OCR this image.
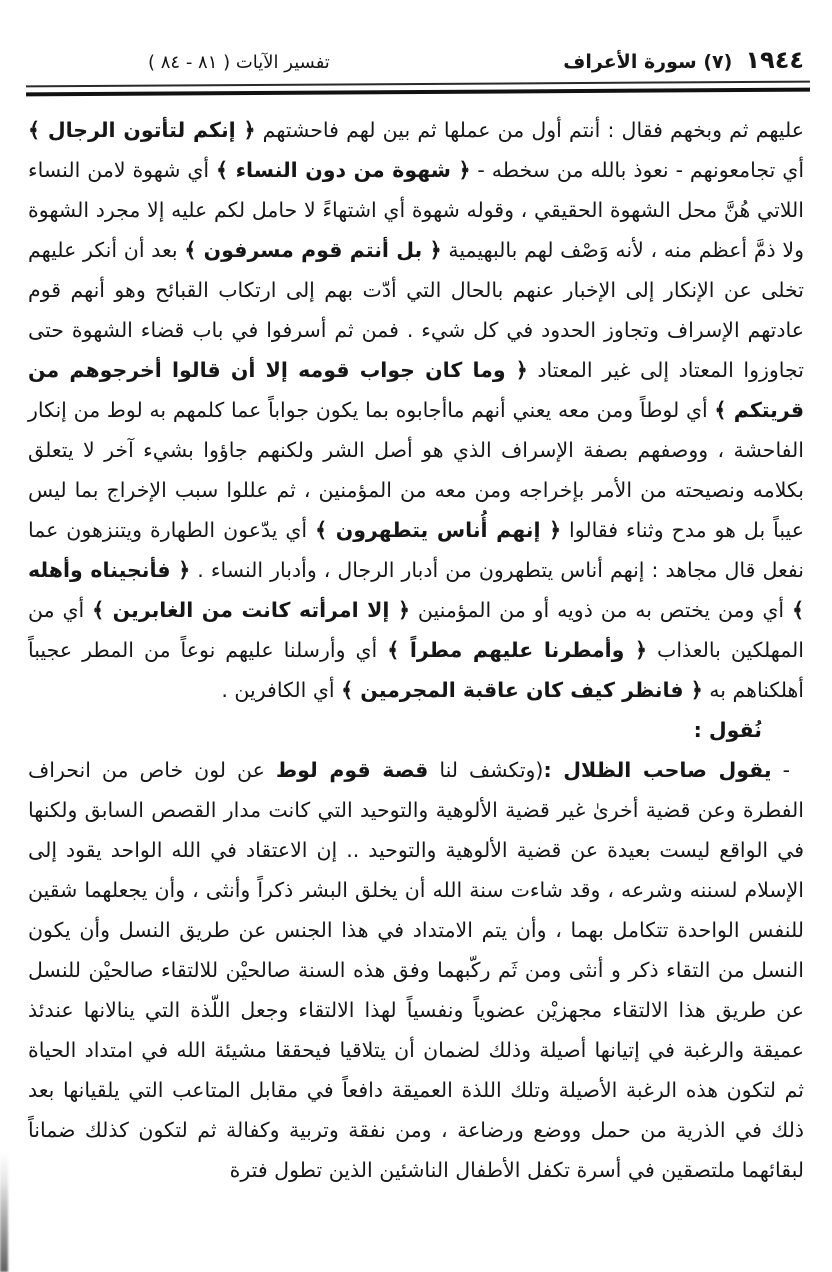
١٩٤٤ (٧) سورة الأعراف
تفسير الآيات ( ٨١ - ٨٤ )

عليهم ثم وبخهم فقال : أنتم أول من عملها ثم بين لهم فاحشتهم ﴿ إنكم لتأتون الرجال ﴾ أي تجامعونهم - نعوذ بالله من سخطه - ﴿ شهوة من دون النساء ﴾ أي شهوة لامن النساء اللاتي هُنَّ محل الشهوة الحقيقي ، وقوله شهوة أي اشتهاءً لا حامل لكم عليه إلا مجرد الشهوة ولا ذمَّ أعظم منه ، لأنه وَصْف لهم بالبهيمية ﴿ بل أنتم قوم مسرفون ﴾ بعد أن أنكر عليهم تخلى عن الإنكار إلى الإخبار عنهم بالحال التي أدّت بهم إلى ارتكاب القبائح وهو أنهم قوم عادتهم الإسراف وتجاوز الحدود في كل شيء . فمن ثم أسرفوا في باب قضاء الشهوة حتى تجاوزوا المعتاد إلى غير المعتاد ﴿ وما كان جواب قومه إلا أن قالوا أخرجوهم من قريتكم ﴾ أي لوطاً ومن معه يعني أنهم ماأجابوه بما يكون جواباً عما كلمهم به لوط من إنكار الفاحشة ، ووصفهم بصفة الإسراف الذي هو أصل الشر ولكنهم جاؤوا بشيء آخر لا يتعلق بكلامه ونصيحته من الأمر بإخراجه ومن معه من المؤمنين ، ثم عللوا سبب الإخراج بما ليس عيباً بل هو مدح وثناء فقالوا ﴿ إنهم أُناس يتطهرون ﴾ أي يدّعون الطهارة ويتنزهون عما نفعل قال مجاهد : إنهم أناس يتطهرون من أدبار الرجال ، وأدبار النساء . ﴿ فأنجيناه وأهله ﴾ أي ومن يختص به من ذويه أو من المؤمنين ﴿ إلا امرأته كانت من الغابرين ﴾ أي من المهلكين بالعذاب ﴿ وأمطرنا عليهم مطراً ﴾ أي وأرسلنا عليهم نوعاً من المطر عجيباً أهلكناهم به ﴿ فانظر كيف كان عاقبة المجرمين ﴾ أي الكافرين .

نُقول :

- يقول صاحب الظلال :(وتكشف لنا قصة قوم لوط عن لون خاص من انحراف الفطرة وعن قضية أخرىٰ غير قضية الألوهية والتوحيد التي كانت مدار القصص السابق ولكنها في الواقع ليست بعيدة عن قضية الألوهية والتوحيد .. إن الاعتقاد في الله الواحد يقود إلى الإسلام لسننه وشرعه ، وقد شاءت سنة الله أن يخلق البشر ذكراً وأنثى ، وأن يجعلهما شقين للنفس الواحدة تتكامل بهما ، وأن يتم الامتداد في هذا الجنس عن طريق النسل وأن يكون النسل من التقاء ذكر و أنثى ومن ثَم ركّبهما وفق هذه السنة صالحيْن للالتقاء صالحيْن للنسل عن طريق هذا الالتقاء مجهزيْن عضوياً ونفسياً لهذا الالتقاء وجعل اللّذة التي ينالانها عندئذ عميقة والرغبة في إتيانها أصيلة وذلك لضمان أن يتلاقيا فيحققا مشيئة الله في امتداد الحياة ثم لتكون هذه الرغبة الأصيلة وتلك اللذة العميقة دافعاً في مقابل المتاعب التي يلقيانها بعد ذلك في الذرية من حمل ووضع ورضاعة ، ومن نفقة وتربية وكفالة ثم لتكون كذلك ضماناً لبقائهما ملتصقين في أسرة تكفل الأطفال الناشئين الذين تطول فترة
